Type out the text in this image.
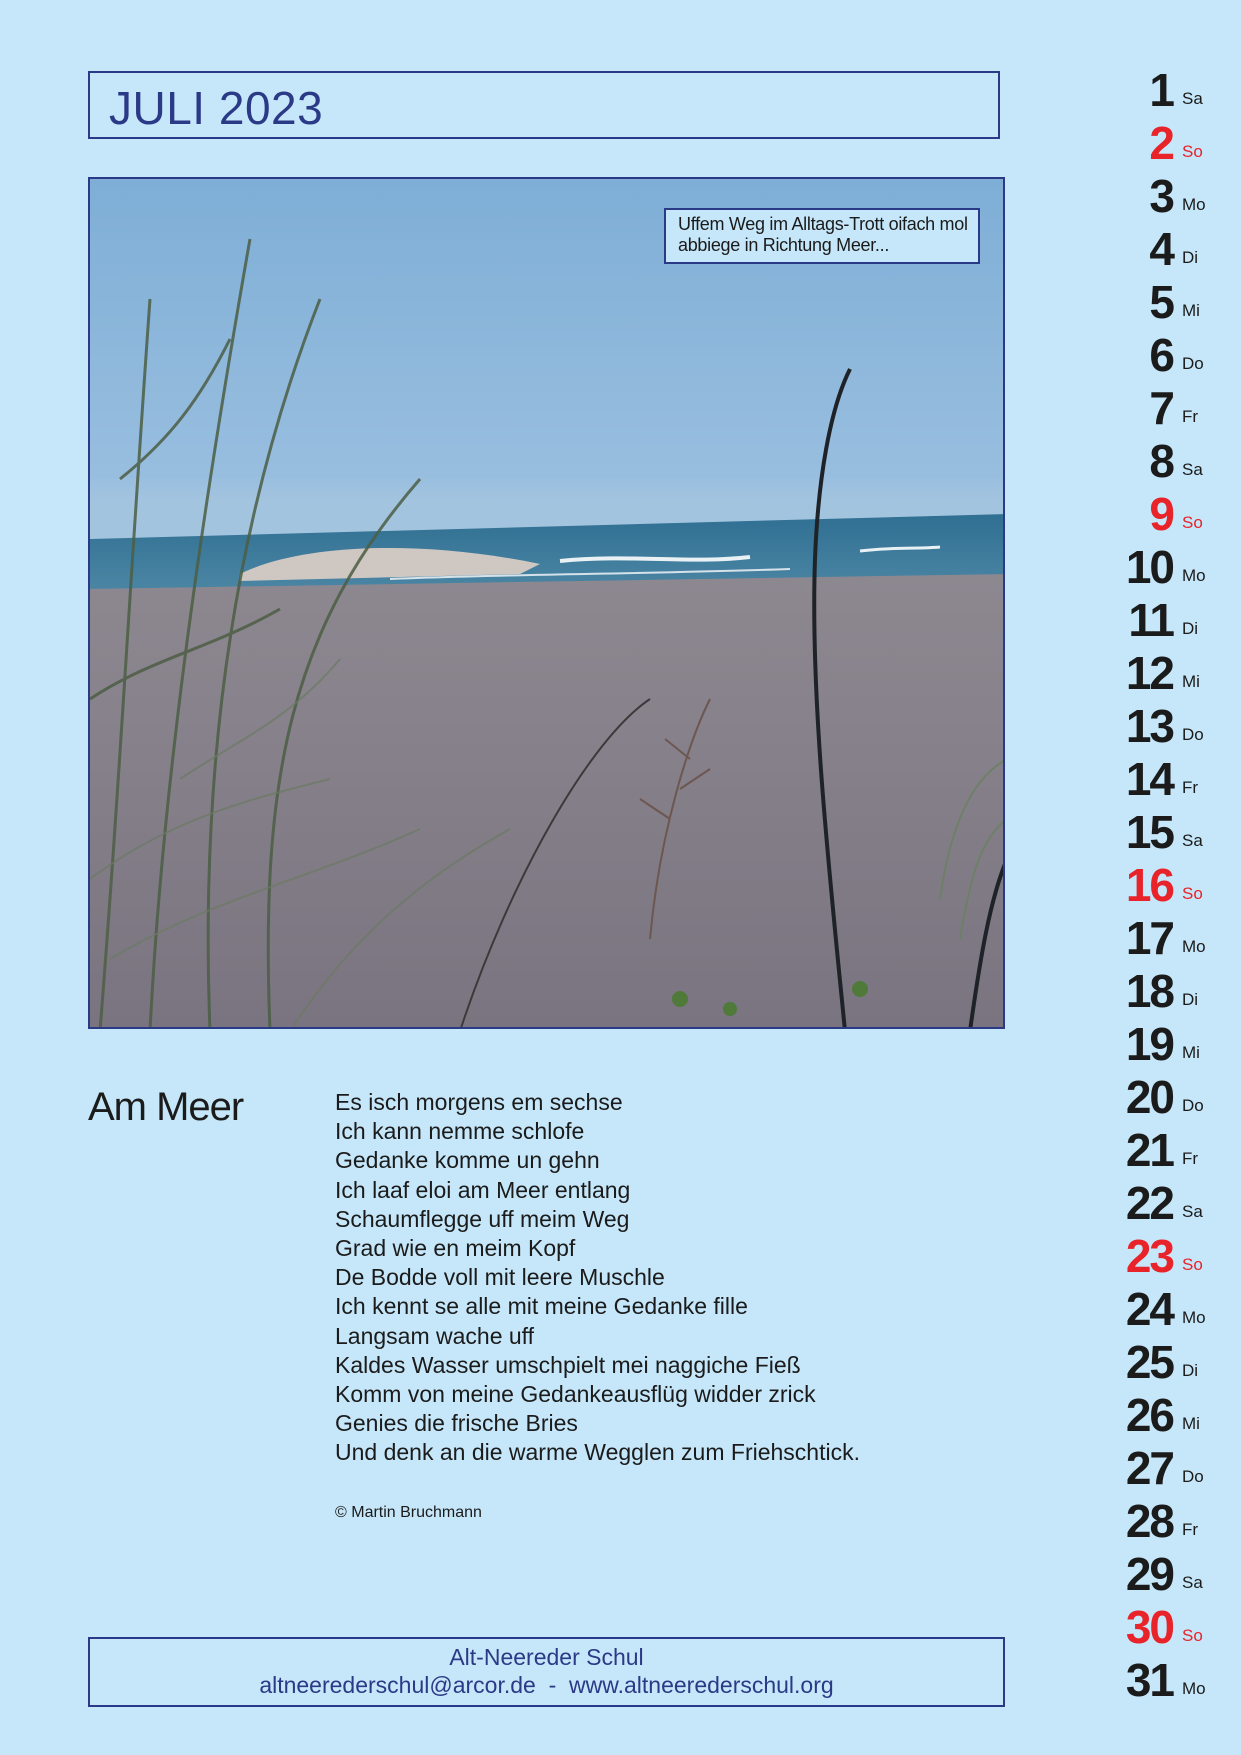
JULI 2023
Uffem Weg im Alltags-Trott oifach mol
abbiege in Richtung Meer...
Am Meer	Es isch morgens em sechse
Ich kann nemme schlofe
Gedanke komme un gehn
Ich laaf eloi am Meer entlang
Schaumflegge uff meim Weg
Grad wie en meim Kopf
De Bodde voll mit leere Muschle
Ich kennt se alle mit meine Gedanke fille
Langsam wache uff
Kaldes Wasser umschpielt mei naggiche Fieß
Komm von meine Gedankeausflüg widder zrick
Genies die frische Bries
Und denk an die warme Wegglen zum Friehschtick.
© Martin Bruchmann
Alt-Neereder Schul
altneerederschul@arcor.de  -  www.altneerederschul.org
1 Sa
2 So
3 Mo
4 Di
5 Mi
6 Do
7 Fr
8 Sa
9 So
10 Mo
11 Di
12 Mi
13 Do
14 Fr
15 Sa
16 So
17 Mo
18 Di
19 Mi
20 Do
21 Fr
22 Sa
23 So
24 Mo
25 Di
26 Mi
27 Do
28 Fr
29 Sa
30 So
31 Mo
